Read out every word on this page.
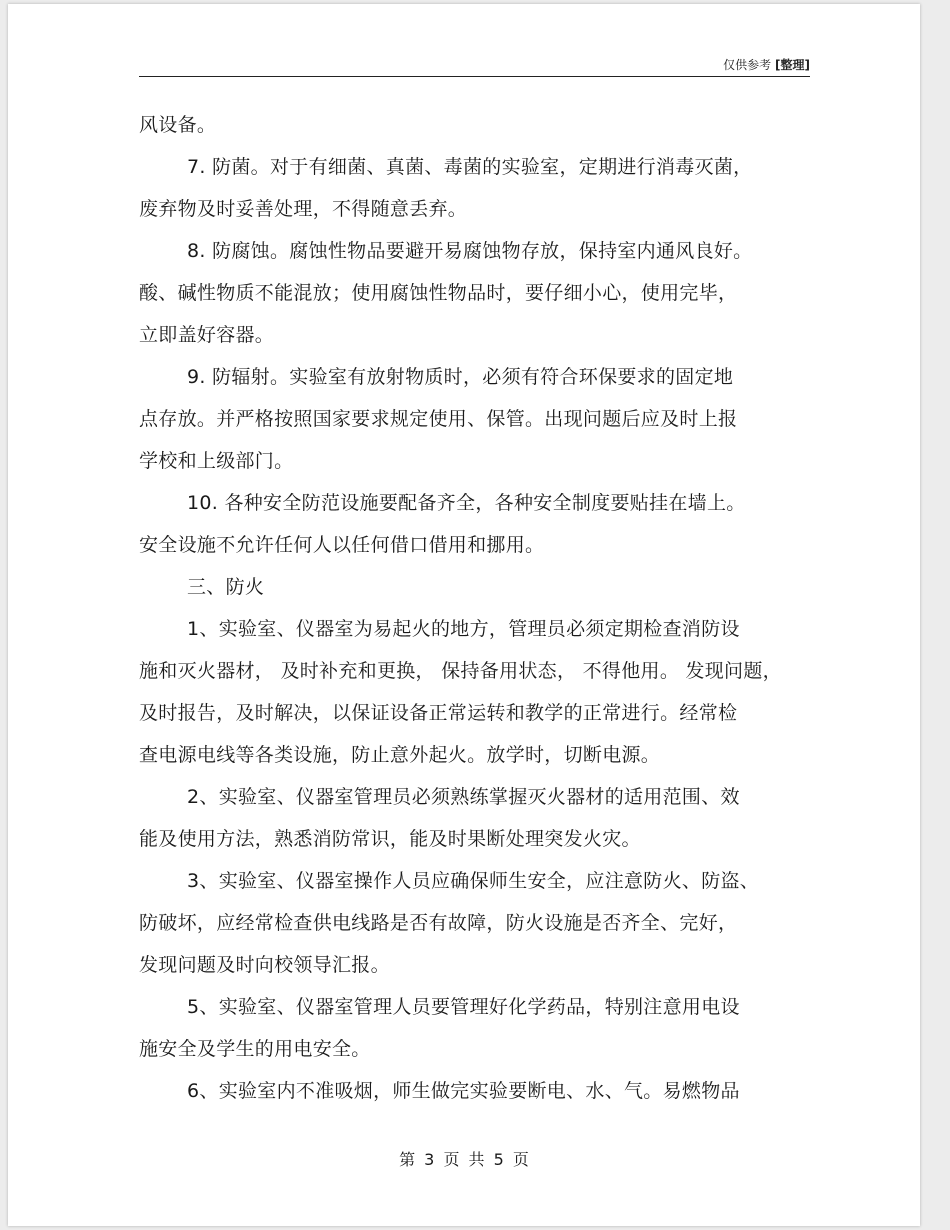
仅供参考 [整理]
风设备。
7. 防菌。对于有细菌、真菌、毒菌的实验室，定期进行消毒灭菌，
废弃物及时妥善处理，不得随意丢弃。
8. 防腐蚀。腐蚀性物品要避开易腐蚀物存放，保持室内通风良好。
酸、碱性物质不能混放；使用腐蚀性物品时，要仔细小心，使用完毕，
立即盖好容器。
9. 防辐射。实验室有放射物质时，必须有符合环保要求的固定地
点存放。并严格按照国家要求规定使用、保管。出现问题后应及时上报
学校和上级部门。
10. 各种安全防范设施要配备齐全，各种安全制度要贴挂在墙上。
安全设施不允许任何人以任何借口借用和挪用。
三、防火
1、实验室、仪器室为易起火的地方，管理员必须定期检查消防设
施和灭火器材， 及时补充和更换， 保持备用状态， 不得他用。 发现问题，
及时报告，及时解决，以保证设备正常运转和教学的正常进行。经常检
查电源电线等各类设施，防止意外起火。放学时，切断电源。
2、实验室、仪器室管理员必须熟练掌握灭火器材的适用范围、效
能及使用方法，熟悉消防常识，能及时果断处理突发火灾。
3、实验室、仪器室操作人员应确保师生安全，应注意防火、防盗、
防破坏，应经常检查供电线路是否有故障，防火设施是否齐全、完好，
发现问题及时向校领导汇报。
5、实验室、仪器室管理人员要管理好化学药品，特别注意用电设
施安全及学生的用电安全。
6、实验室内不准吸烟，师生做完实验要断电、水、气。易燃物品
第 3 页 共 5 页
